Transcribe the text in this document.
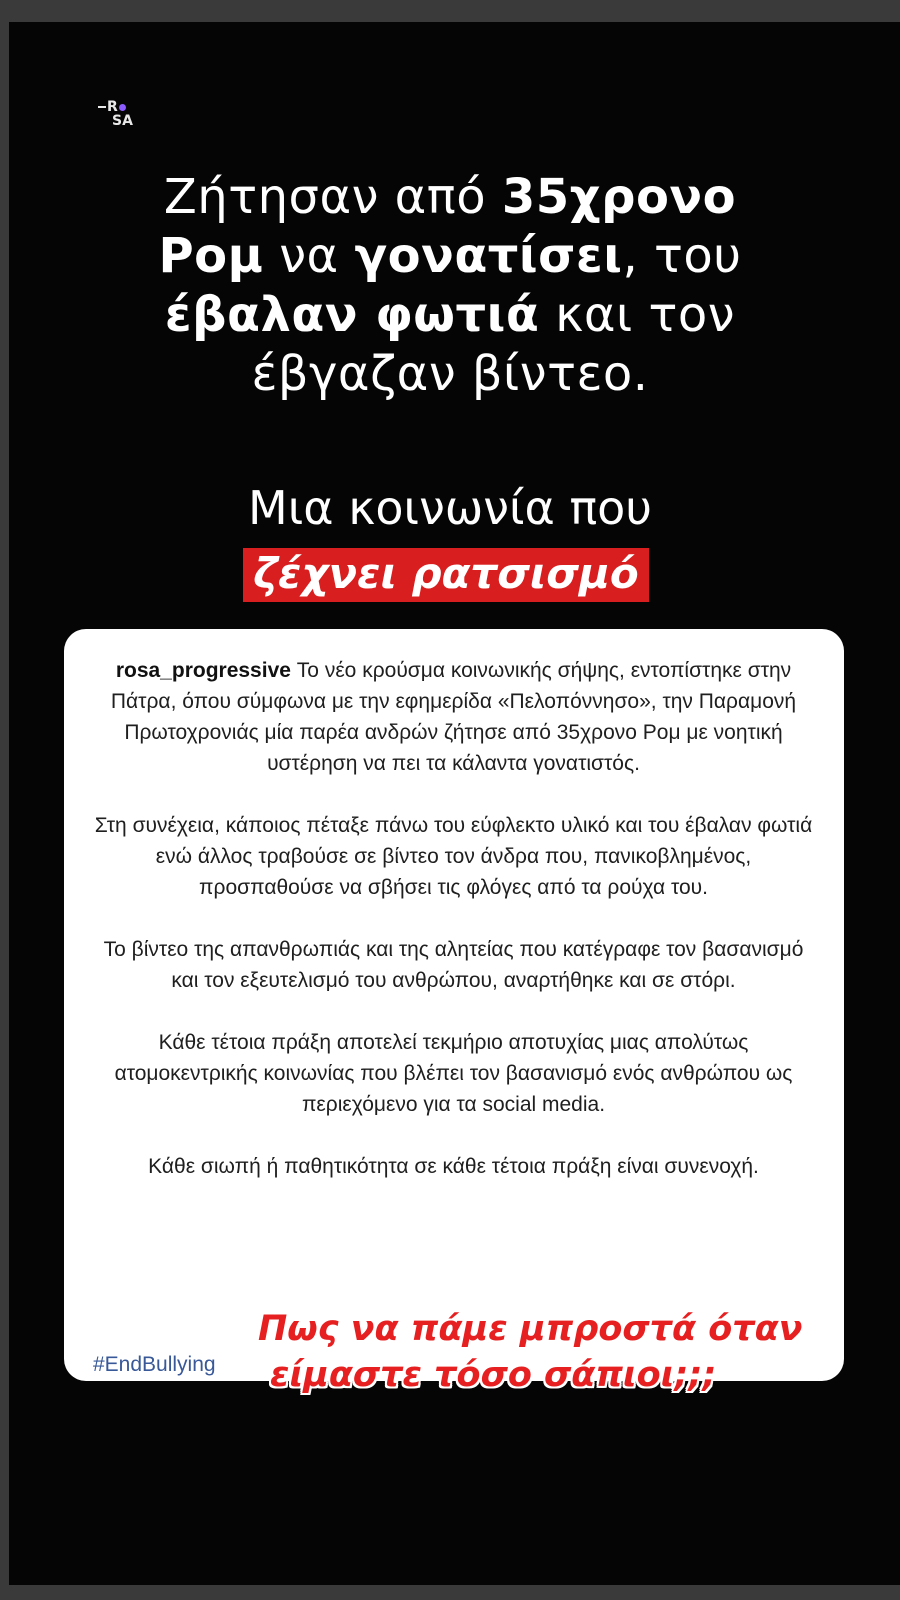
R
SA
Ζήτησαν από 35χρονο
Ρομ να γονατίσει, του
έβαλαν φωτιά και τον
έβγαζαν βίντεο.
Μια κοινωνία που
ζέχνει ρατσισμό

rosa_progressive Το νέο κρούσμα κοινωνικής σήψης, εντοπίστηκε στην Πάτρα, όπου σύμφωνα με την εφημερίδα «Πελοπόννησο», την Παραμονή Πρωτοχρονιάς μία παρέα ανδρών ζήτησε από 35χρονο Ρομ με νοητική υστέρηση να πει τα κάλαντα γονατιστός.

Στη συνέχεια, κάποιος πέταξε πάνω του εύφλεκτο υλικό και του έβαλαν φωτιά ενώ άλλος τραβούσε σε βίντεο τον άνδρα που, πανικοβλημένος, προσπαθούσε να σβήσει τις φλόγες από τα ρούχα του.

Το βίντεο της απανθρωπιάς και της αλητείας που κατέγραφε τον βασανισμό και τον εξευτελισμό του ανθρώπου, αναρτήθηκε και σε στόρι.

Κάθε τέτοια πράξη αποτελεί τεκμήριο αποτυχίας μιας απολύτως ατομοκεντρικής κοινωνίας που βλέπει τον βασανισμό ενός ανθρώπου ως περιεχόμενο για τα social media.

Κάθε σιωπή ή παθητικότητα σε κάθε τέτοια πράξη είναι συνενοχή.

#EndBullying
Πως να πάμε μπροστά όταν
είμαστε τόσο σάπιοι;;;
